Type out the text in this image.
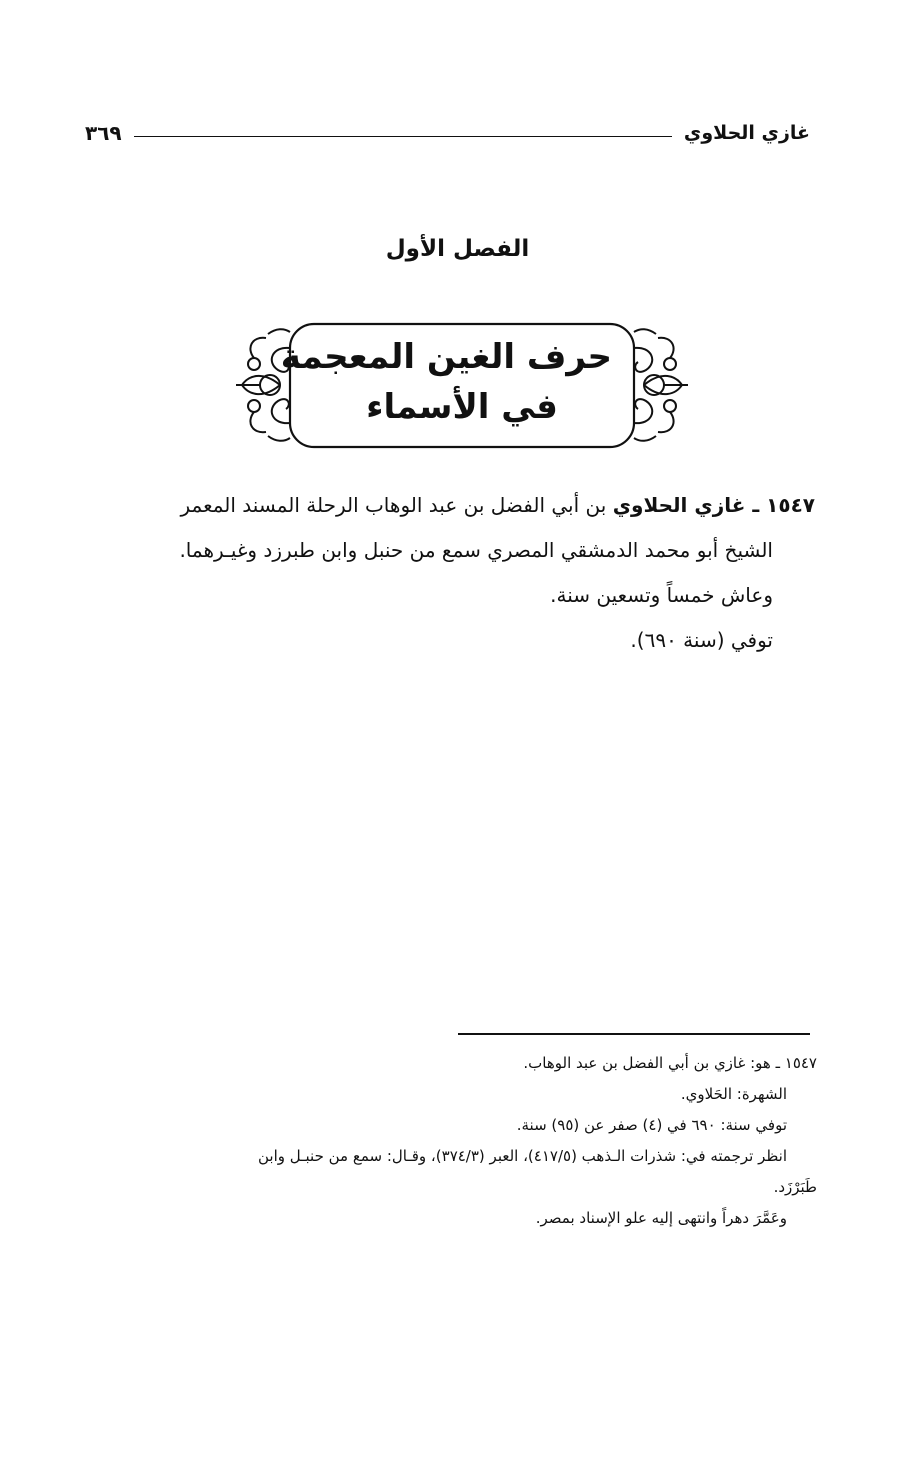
غازي الحلاوي
٣٦٩
الفصل الأول
حرف الغين المعجمة
في الأسماء
١٥٤٧ ـ غازي الحلاوي بن أبي الفضل بن عبد الوهاب الرحلة المسند المعمر
الشيخ أبو محمد الدمشقي المصري سمع من حنبل وابن طبرزد وغيـرهما.
وعاش خمساً وتسعين سنة.
توفي (سنة ٦٩٠).
١٥٤٧ ـ هو: غازي بن أبي الفضل بن عبد الوهاب.
الشهرة: الحَلاوي.
توفي سنة: ٦٩٠ في (٤) صفر عن (٩٥) سنة.
انظر ترجمته في: شذرات الـذهب (٤١٧/٥)، العبر (٣٧٤/٣)، وقـال: سمع من حنبـل وابن
طَبَرْزَد.
وعَمَّرَ دهراً وانتهى إليه علو الإسناد بمصر.
